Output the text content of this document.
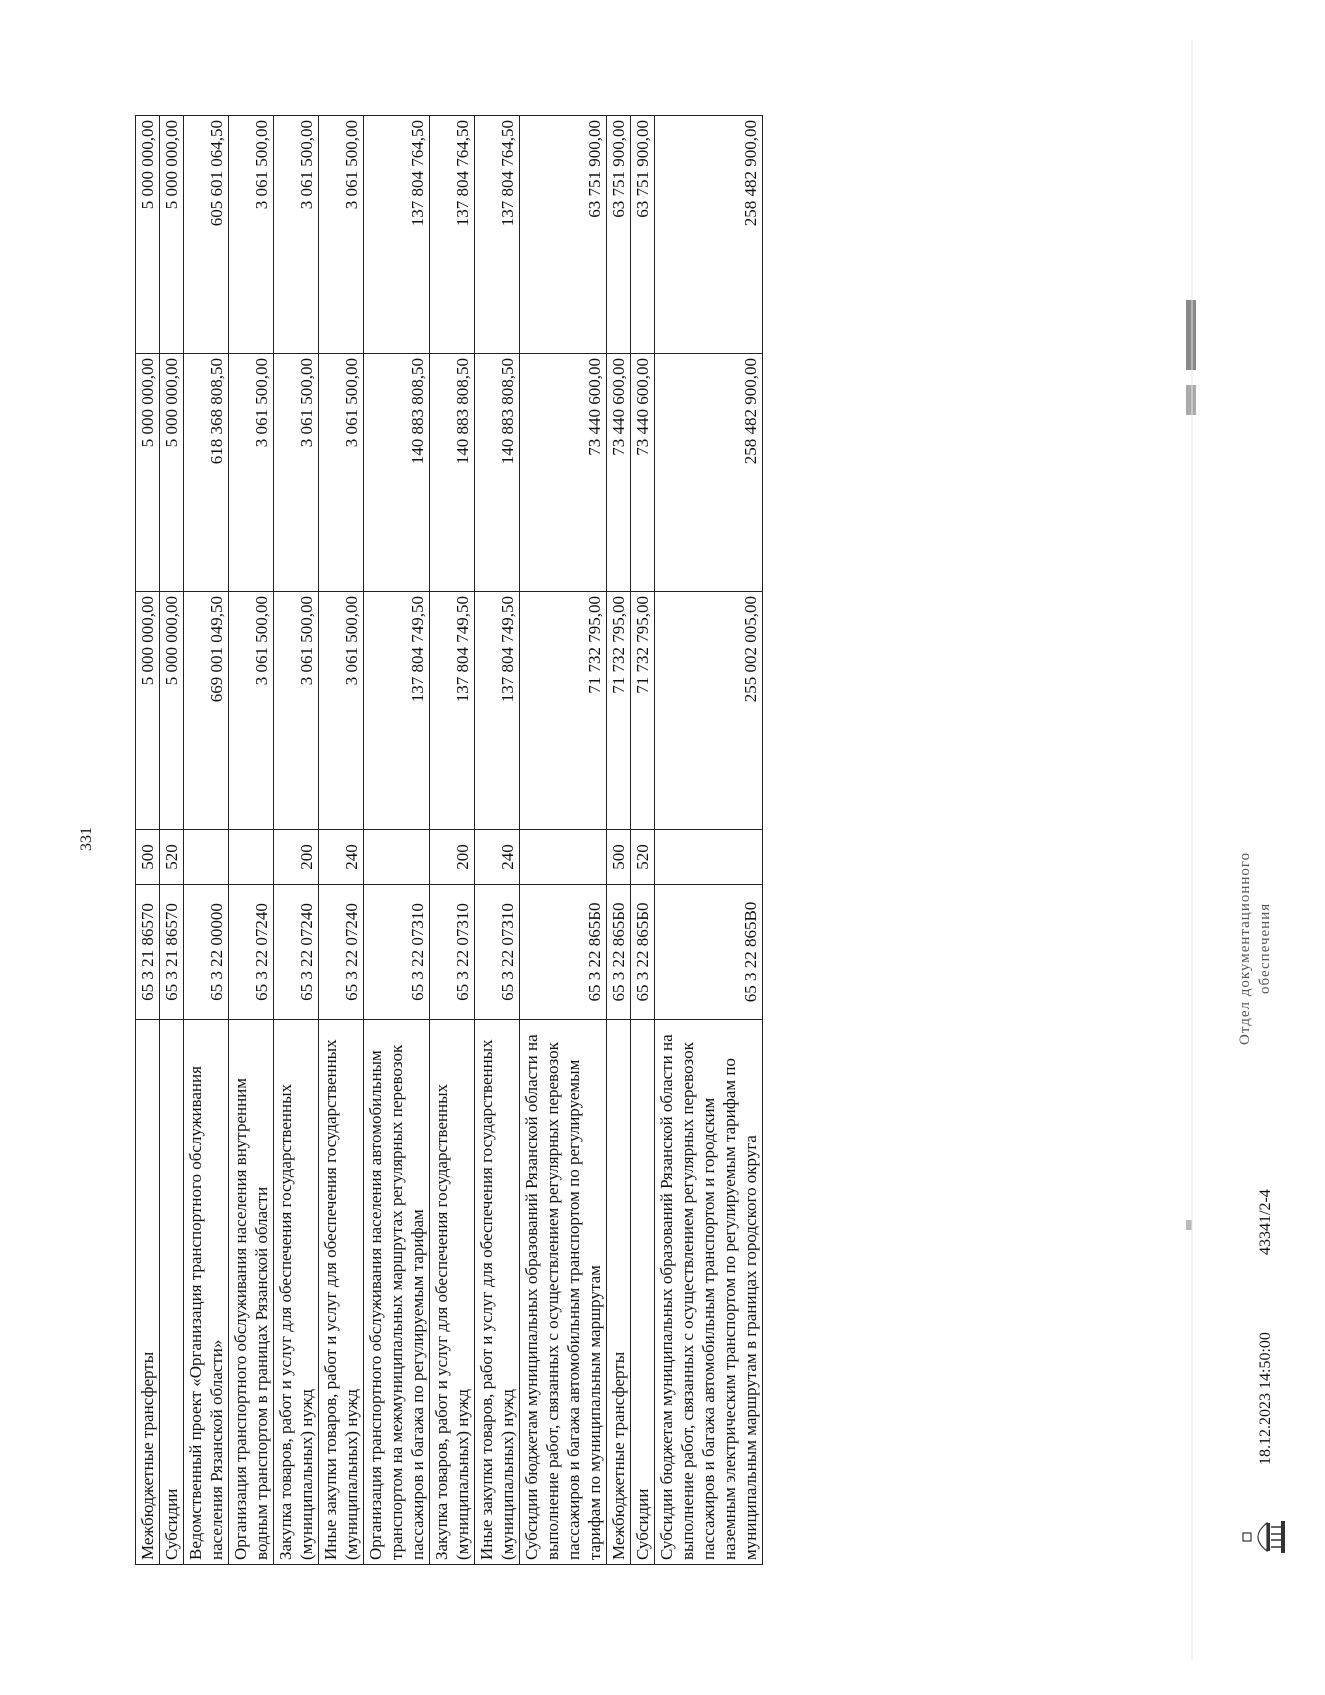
331
Межбюджетные трансферты	65 3 21 86570	500	5 000 000,00	5 000 000,00	5 000 000,00
Субсидии	65 3 21 86570	520	5 000 000,00	5 000 000,00	5 000 000,00
Ведомственный проект «Организация транспортного обслуживания населения Рязанской области»	65 3 22 00000		669 001 049,50	618 368 808,50	605 601 064,50
Организация транспортного обслуживания населения внутренним водным транспортом в границах Рязанской области	65 3 22 07240		3 061 500,00	3 061 500,00	3 061 500,00
Закупка товаров, работ и услуг для обеспечения государственных (муниципальных) нужд	65 3 22 07240	200	3 061 500,00	3 061 500,00	3 061 500,00
Иные закупки товаров, работ и услуг для обеспечения государственных (муниципальных) нужд	65 3 22 07240	240	3 061 500,00	3 061 500,00	3 061 500,00
Организация транспортного обслуживания населения автомобильным транспортом на межмуниципальных маршрутах регулярных перевозок пассажиров и багажа по регулируемым тарифам	65 3 22 07310		137 804 749,50	140 883 808,50	137 804 764,50
Закупка товаров, работ и услуг для обеспечения государственных (муниципальных) нужд	65 3 22 07310	200	137 804 749,50	140 883 808,50	137 804 764,50
Иные закупки товаров, работ и услуг для обеспечения государственных (муниципальных) нужд	65 3 22 07310	240	137 804 749,50	140 883 808,50	137 804 764,50
Субсидии бюджетам муниципальных образований Рязанской области на выполнение работ, связанных с осуществлением регулярных перевозок пассажиров и багажа автомобильным транспортом по регулируемым тарифам по муниципальным маршрутам	65 3 22 865Б0		71 732 795,00	73 440 600,00	63 751 900,00
Межбюджетные трансферты	65 3 22 865Б0	500	71 732 795,00	73 440 600,00	63 751 900,00
Субсидии	65 3 22 865Б0	520	71 732 795,00	73 440 600,00	63 751 900,00
Субсидии бюджетам муниципальных образований Рязанской области на выполнение работ, связанных с осуществлением регулярных перевозок пассажиров и багажа автомобильным транспортом и городским наземным электрическим транспортом по регулируемым тарифам по муниципальным маршрутам в границах городского округа	65 3 22 865В0		255 002 005,00	258 482 900,00	258 482 900,00
18.12.2023 14:50:00
43341/2-4
Отдел документационного обеспечения
